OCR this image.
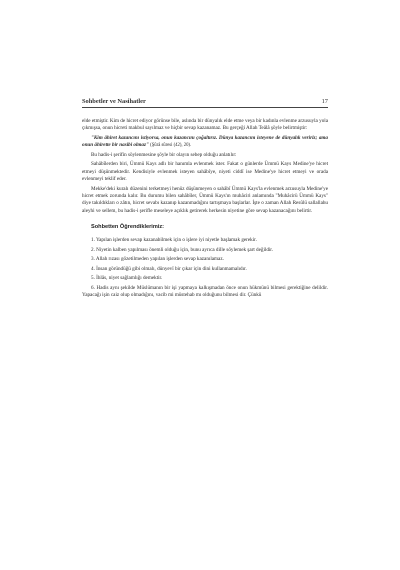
Sohbetler ve Nasihatler	17

elde etmiştir. Kim de hicret ediyor görünse bile, aslında bir dünyalık elde etme veya bir kadınla evlenme arzusuyla yola çıkmışsa, onun hicreti makbul sayılmaz ve hiçbir sevap kazanamaz. Bu gerçeği Allah Teâlâ şöyle belirtmiştir:

"Kim âhiret kazancını istiyorsa, onun kazancını çoğaltırız. Dünya kazancını isteyene de dünyalık veririz; ama onun âhirette bir nasibi olmaz" (Şûrâ sûresi (42), 20).

Bu hadis-i şerifin söylenmesine şöyle bir olayın sebep olduğu anlatılır:

Sahâbîlerden biri, Ümmü Kays adlı bir hanımla evlenmek ister. Fakat o günlerde Ümmü Kays Medine'ye hicret etmeyi düşünmektedir. Kendisiyle evlenmek isteyen sahâbîye, niyeti ciddî ise Medine'ye hicret etmeyi ve orada evlenmeyi teklif eder.

Mekke'deki kuralı düzenini terketmeyi henüz düşünmeyen o sahâbî Ümmü Kays'la evlenmek arzusuyla Medine'ye hicret etmek zorunda kalır. Bu durumu bilen sahâbîler, Ümmü Kays'ın muhâciri anlamında "Muhâcirü Ümmü Kays" diye takıldıkları o zâtın, hicret sevabı kazanıp kazanmadığını tartışmaya başlarlar. İşte o zaman Allah Resûlü sallallahu aleyhi ve sellem, bu hadis-i şerifle meseleye açıklık getirerek herkesin niyetine göre sevap kazanacağını belirtir.

Sohbetten Öğrendiklerimiz:

1. Yapılan işlerden sevap kazanabilmek için o işlere iyi niyetle başlamak gerekir.

2. Niyetin kalben yapılması önemli olduğu için, bunu ayrıca dille söylemek şart değildir.

3. Allah rızası gözetilmeden yapılan işlerden sevap kazanılamaz.

4. İnsan göründüğü gibi olmalı, dünyevî bir çıkar için dini kullanmamalıdır.

5. İhlâs, niyet sağlamlığı demektir.

6. Hadis aynı şekilde Müslümanın bir işi yapmaya kalkışmadan önce onun hükmünü bilmesi gerektiğine delildir. Yapacağı işin caiz olup olmadığını, vacib mi müstehab mı olduğunu bilmesi dir. Çünkü
